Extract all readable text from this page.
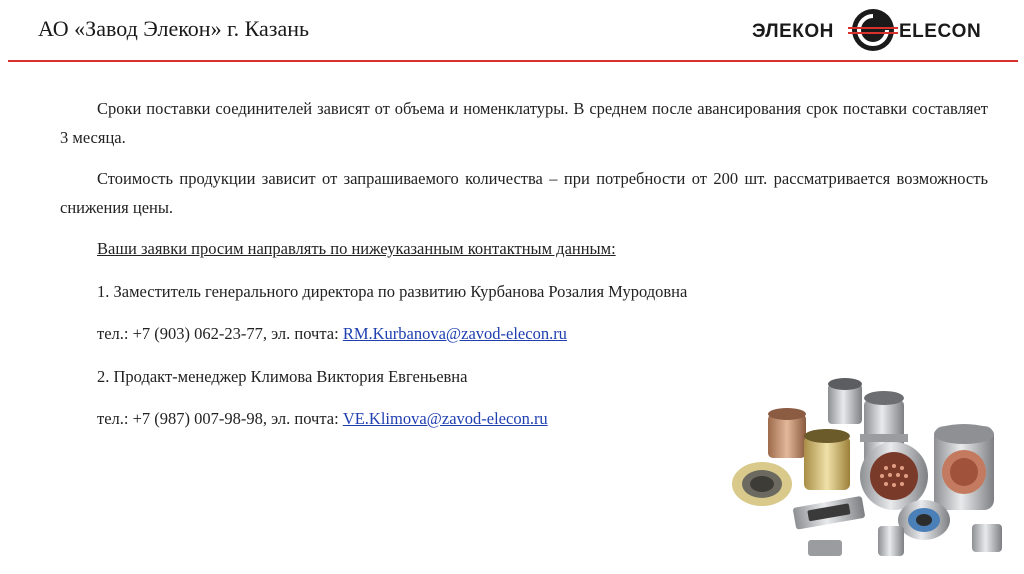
АО «Завод Элекон» г. Казань	ЭЛЕКОН	ELECON

Сроки поставки соединителей зависят от объема и номенклатуры. В среднем после авансирования срок поставки составляет 3 месяца.

Стоимость продукции зависит от запрашиваемого количества – при потребности от 200 шт. рассматривается возможность снижения цены.

Ваши заявки просим направлять по нижеуказанным контактным данным:

1. Заместитель генерального директора по развитию Курбанова Розалия Муродовна

тел.: +7 (903) 062-23-77, эл. почта: RM.Kurbanova@zavod-elecon.ru

2. Продакт-менеджер Климова Виктория Евгеньевна

тел.: +7 (987) 007-98-98, эл. почта: VE.Klimova@zavod-elecon.ru
